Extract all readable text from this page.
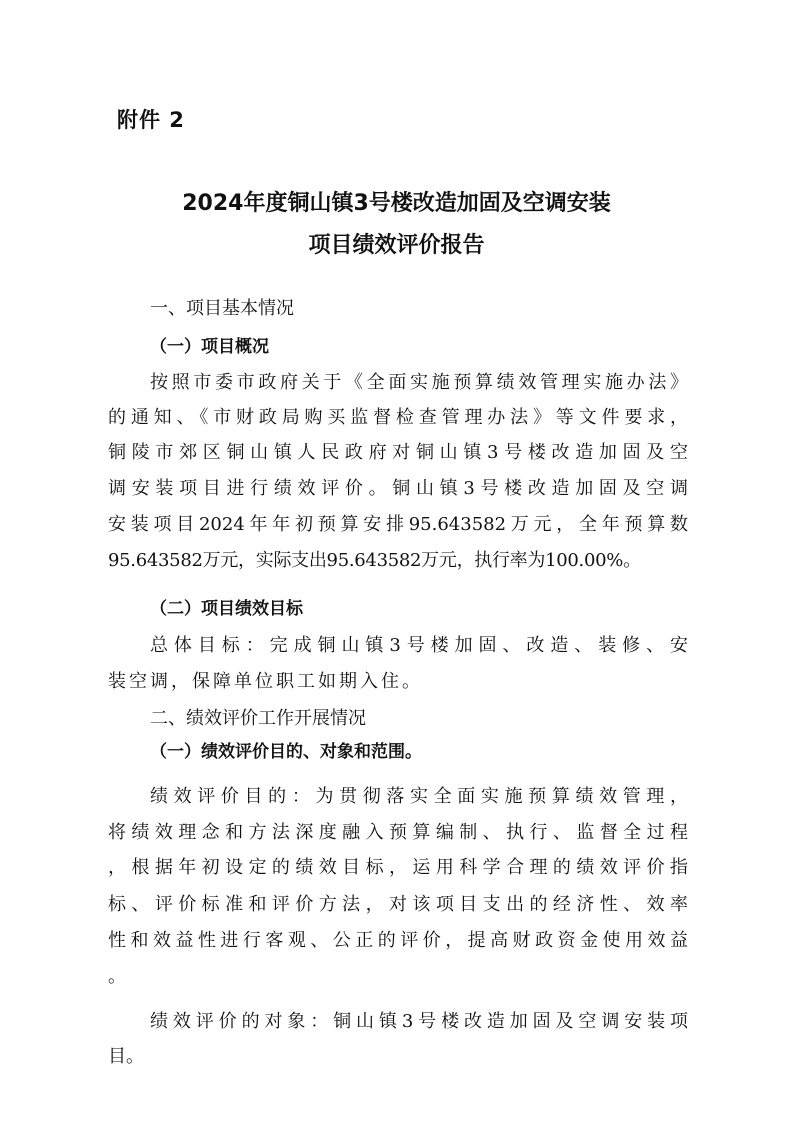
附件 2
2024年度铜山镇3号楼改造加固及空调安装
项目绩效评价报告
一、项目基本情况
（一）项目概况
按照市委市政府关于《全面实施预算绩效管理实施办法》
的通知、《市财政局购买监督检查管理办法》等文件要求，
铜陵市郊区铜山镇人民政府对铜山镇3号楼改造加固及空
调安装项目进行绩效评价。铜山镇3号楼改造加固及空调
安装项目2024年年初预算安排95.643582万元，全年预算数
95.643582万元，实际支出95.643582万元，执行率为100.00%。
（二）项目绩效目标
总体目标：完成铜山镇3号楼加固、改造、装修、安
装空调，保障单位职工如期入住。
二、绩效评价工作开展情况
（一）绩效评价目的、对象和范围。
绩效评价目的：为贯彻落实全面实施预算绩效管理，
将绩效理念和方法深度融入预算编制、执行、监督全过程
，根据年初设定的绩效目标，运用科学合理的绩效评价指
标、评价标准和评价方法，对该项目支出的经济性、效率
性和效益性进行客观、公正的评价，提高财政资金使用效益
。
绩效评价的对象：铜山镇3号楼改造加固及空调安装项
目。
